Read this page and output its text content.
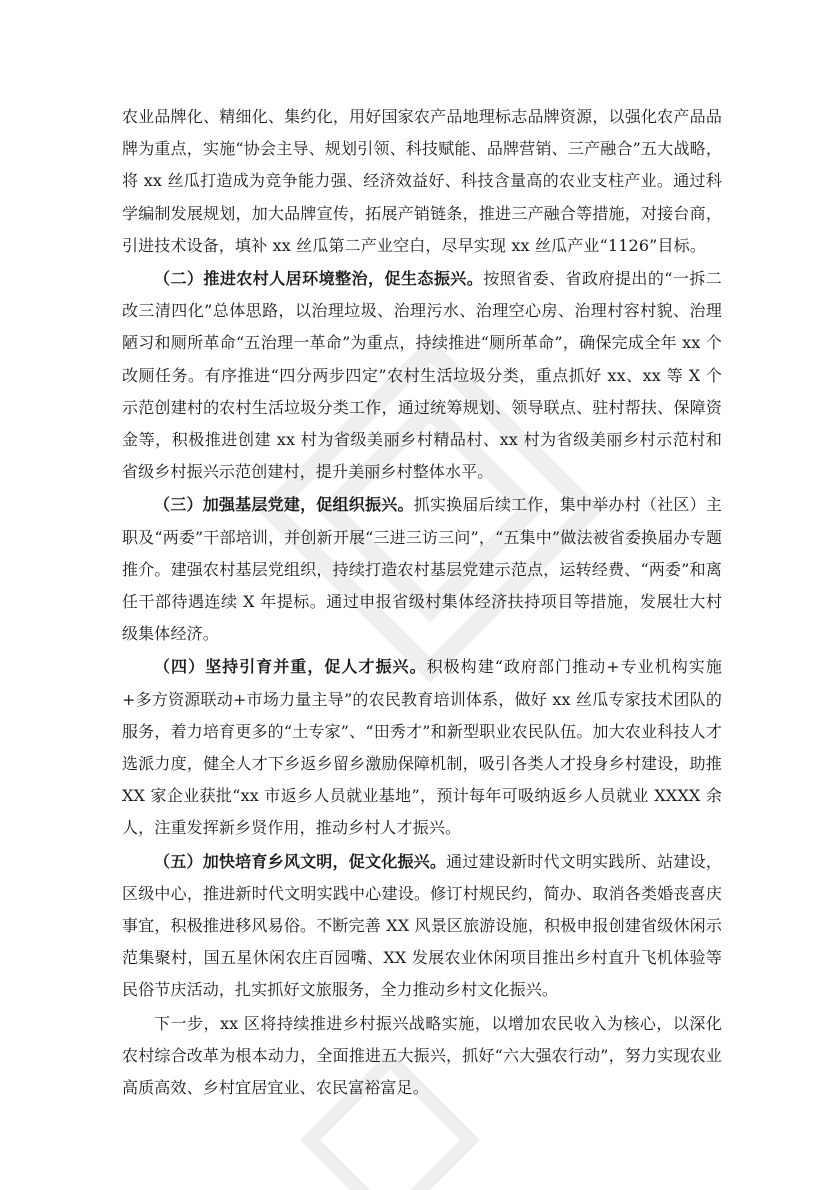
农业品牌化、精细化、集约化，用好国家农产品地理标志品牌资源，以强化农产品品牌为重点，实施“协会主导、规划引领、科技赋能、品牌营销、三产融合”五大战略，将 xx 丝瓜打造成为竞争能力强、经济效益好、科技含量高的农业支柱产业。通过科学编制发展规划，加大品牌宣传，拓展产销链条，推进三产融合等措施，对接台商，引进技术设备，填补 xx 丝瓜第二产业空白，尽早实现 xx 丝瓜产业“1126”目标。

（二）推进农村人居环境整治，促生态振兴。按照省委、省政府提出的“一拆二改三清四化”总体思路，以治理垃圾、治理污水、治理空心房、治理村容村貌、治理陋习和厕所革命“五治理一革命”为重点，持续推进“厕所革命”，确保完成全年 xx 个改厕任务。有序推进“四分两步四定”农村生活垃圾分类，重点抓好 xx、xx 等 X 个示范创建村的农村生活垃圾分类工作，通过统筹规划、领导联点、驻村帮扶、保障资金等，积极推进创建 xx 村为省级美丽乡村精品村、xx 村为省级美丽乡村示范村和省级乡村振兴示范创建村，提升美丽乡村整体水平。

（三）加强基层党建，促组织振兴。抓实换届后续工作，集中举办村（社区）主职及“两委”干部培训，并创新开展“三进三访三问”，“五集中”做法被省委换届办专题推介。建强农村基层党组织，持续打造农村基层党建示范点，运转经费、“两委”和离任干部待遇连续 X 年提标。通过申报省级村集体经济扶持项目等措施，发展壮大村级集体经济。

（四）坚持引育并重，促人才振兴。积极构建“政府部门推动+专业机构实施+多方资源联动+市场力量主导”的农民教育培训体系，做好 xx 丝瓜专家技术团队的服务，着力培育更多的“土专家”、“田秀才”和新型职业农民队伍。加大农业科技人才选派力度，健全人才下乡返乡留乡激励保障机制，吸引各类人才投身乡村建设，助推 XX 家企业获批“xx 市返乡人员就业基地”，预计每年可吸纳返乡人员就业 XXXX 余人，注重发挥新乡贤作用，推动乡村人才振兴。

（五）加快培育乡风文明，促文化振兴。通过建设新时代文明实践所、站建设，区级中心，推进新时代文明实践中心建设。修订村规民约，简办、取消各类婚丧喜庆事宜，积极推进移风易俗。不断完善 XX 风景区旅游设施，积极申报创建省级休闲示范集聚村，国五星休闲农庄百园嘴、XX 发展农业休闲项目推出乡村直升飞机体验等民俗节庆活动，扎实抓好文旅服务，全力推动乡村文化振兴。

下一步，xx 区将持续推进乡村振兴战略实施，以增加农民收入为核心，以深化农村综合改革为根本动力，全面推进五大振兴，抓好“六大强农行动”，努力实现农业高质高效、乡村宜居宜业、农民富裕富足。
